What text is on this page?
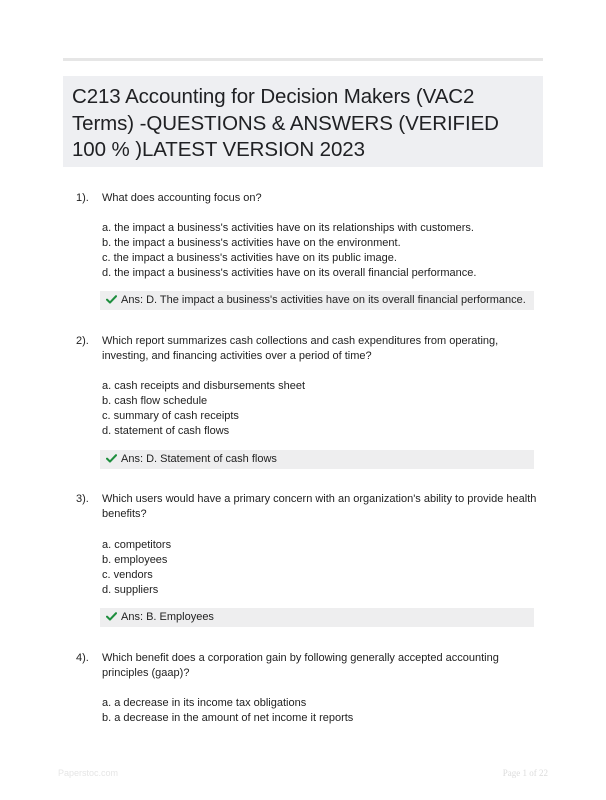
C213 Accounting for Decision Makers (VAC2 Terms) -QUESTIONS & ANSWERS (VERIFIED 100 % )LATEST VERSION 2023
1). What does accounting focus on?
a. the impact a business's activities have on its relationships with customers.
b. the impact a business's activities have on the environment.
c. the impact a business's activities have on its public image.
d. the impact a business's activities have on its overall financial performance.
Ans: D. The impact a business's activities have on its overall financial performance.
2). Which report summarizes cash collections and cash expenditures from operating, investing, and financing activities over a period of time?
a. cash receipts and disbursements sheet
b. cash flow schedule
c. summary of cash receipts
d. statement of cash flows
Ans: D. Statement of cash flows
3). Which users would have a primary concern with an organization's ability to provide health benefits?
a. competitors
b. employees
c. vendors
d. suppliers
Ans: B. Employees
4). Which benefit does a corporation gain by following generally accepted accounting principles (gaap)?
a. a decrease in its income tax obligations
b. a decrease in the amount of net income it reports
Paperstoc.com	Page 1 of 22
